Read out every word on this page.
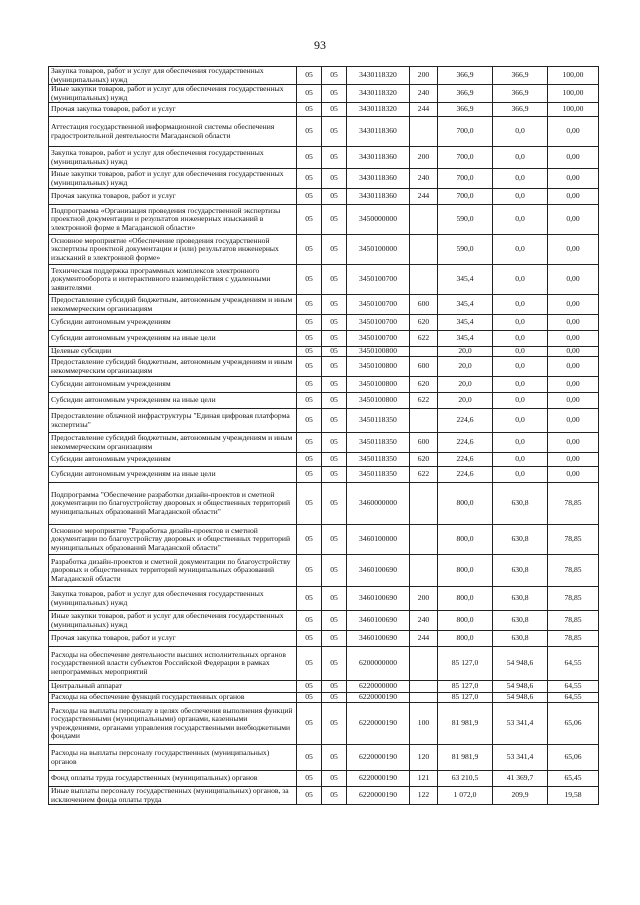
93
Закупка товаров, работ и услуг для обеспечения государственных (муниципальных) нужд	05	05	3430118320	200	366,9	366,9	100,00
Иные закупки товаров, работ и услуг для обеспечения государственных (муниципальных) нужд	05	05	3430118320	240	366,9	366,9	100,00
Прочая закупка товаров, работ и услуг	05	05	3430118320	244	366,9	366,9	100,00
Аттестация государственной информационной системы обеспечения градостроительной деятельности Магаданской области	05	05	3430118360		700,0	0,0	0,00
Закупка товаров, работ и услуг для обеспечения государственных (муниципальных) нужд	05	05	3430118360	200	700,0	0,0	0,00
Иные закупки товаров, работ и услуг для обеспечения государственных (муниципальных) нужд	05	05	3430118360	240	700,0	0,0	0,00
Прочая закупка товаров, работ и услуг	05	05	3430118360	244	700,0	0,0	0,00
Подпрограмма «Организация проведения государственной экспертизы проектной документации и результатов инженерных изысканий в электронной форме в Магаданской области»	05	05	3450000000		590,0	0,0	0,00
Основное мероприятие «Обеспечение проведения государственной экспертизы проектной документации и (или) результатов инженерных изысканий в электронной форме»	05	05	3450100000		590,0	0,0	0,00
Техническая поддержка программных комплексов электронного документооборота и интерактивного взаимодействия с удаленными заявителями	05	05	3450100700		345,4	0,0	0,00
Предоставление субсидий бюджетным, автономным учреждениям и иным некоммерческим организациям	05	05	3450100700	600	345,4	0,0	0,00
Субсидии автономным учреждениям	05	05	3450100700	620	345,4	0,0	0,00
Субсидии автономным учреждениям на иные цели	05	05	3450100700	622	345,4	0,0	0,00
Целевые субсидии	05	05	3450100800		20,0	0,0	0,00
Предоставление субсидий бюджетным, автономным учреждениям и иным некоммерческим организациям	05	05	3450100800	600	20,0	0,0	0,00
Субсидии автономным учреждениям	05	05	3450100800	620	20,0	0,0	0,00
Субсидии автономным учреждениям на иные цели	05	05	3450100800	622	20,0	0,0	0,00
Предоставление облачной инфраструктуры "Единая цифровая платформа экспертизы"	05	05	3450118350		224,6	0,0	0,00
Предоставление субсидий бюджетным, автономным учреждениям и иным некоммерческим организациям	05	05	3450118350	600	224,6	0,0	0,00
Субсидии автономным учреждениям	05	05	3450118350	620	224,6	0,0	0,00
Субсидии автономным учреждениям на иные цели	05	05	3450118350	622	224,6	0,0	0,00
Подпрограмма "Обеспечение разработки дизайн-проектов и сметной документации по благоустройству дворовых и общественных территорий муниципальных образований Магаданской области"	05	05	3460000000		800,0	630,8	78,85
Основное мероприятие "Разработка дизайн-проектов и сметной документации по благоустройству дворовых и общественных территорий муниципальных образований Магаданской области"	05	05	3460100000		800,0	630,8	78,85
Разработка дизайн-проектов и сметной документации по благоустройству дворовых и общественных территорий муниципальных образований Магаданской области	05	05	3460100690		800,0	630,8	78,85
Закупка товаров, работ и услуг для обеспечения государственных (муниципальных) нужд	05	05	3460100690	200	800,0	630,8	78,85
Иные закупки товаров, работ и услуг для обеспечения государственных (муниципальных) нужд	05	05	3460100690	240	800,0	630,8	78,85
Прочая закупка товаров, работ и услуг	05	05	3460100690	244	800,0	630,8	78,85
Расходы на обеспечение деятельности высших исполнительных органов государственной власти субъектов Российской Федерации в рамках непрограммных мероприятий	05	05	6200000000		85 127,0	54 948,6	64,55
Центральный аппарат	05	05	6220000000		85 127,0	54 948,6	64,55
Расходы на обеспечение функций государственных органов	05	05	6220000190		85 127,0	54 948,6	64,55
Расходы на выплаты персоналу в целях обеспечения выполнения функций государственными (муниципальными) органами, казенными учреждениями, органами управления государственными внебюджетными фондами	05	05	6220000190	100	81 981,9	53 341,4	65,06
Расходы на выплаты персоналу государственных (муниципальных) органов	05	05	6220000190	120	81 981,9	53 341,4	65,06
Фонд оплаты труда государственных (муниципальных) органов	05	05	6220000190	121	63 210,5	41 369,7	65,45
Иные выплаты персоналу государственных (муниципальных) органов, за исключением фонда оплаты труда	05	05	6220000190	122	1 072,0	209,9	19,58
